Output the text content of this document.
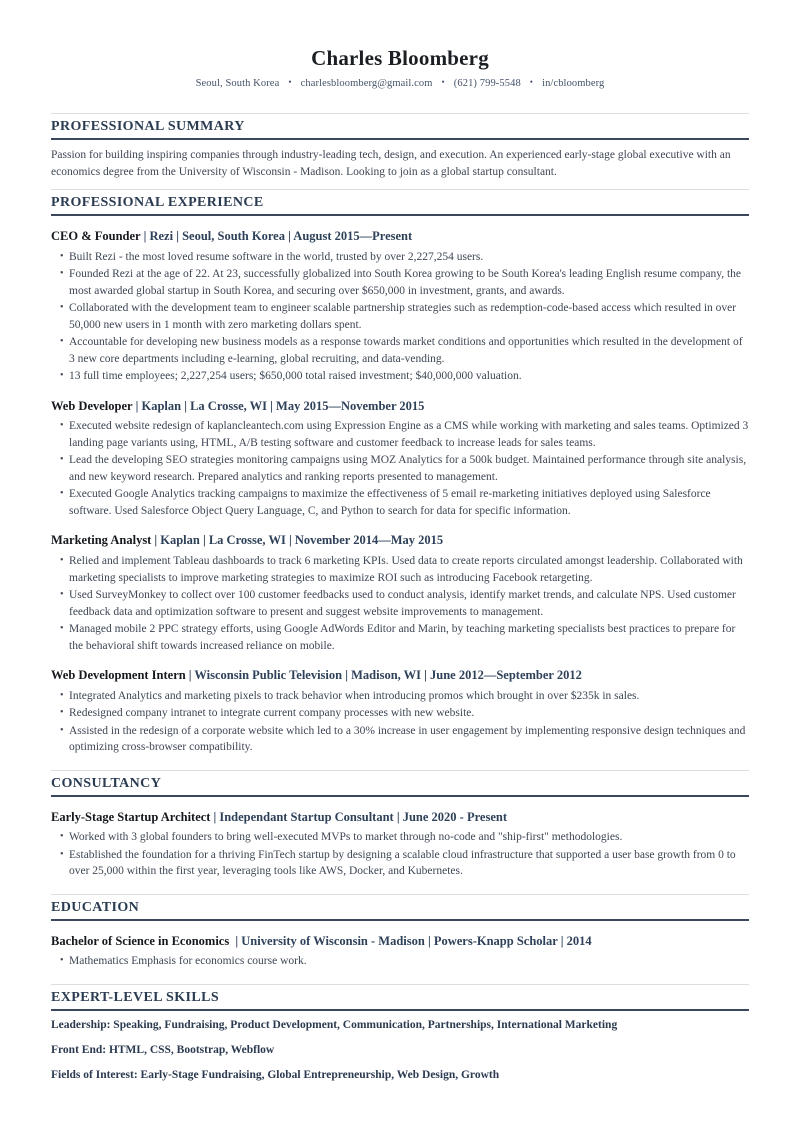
Charles Bloomberg
Seoul, South Korea • charlesbloomberg@gmail.com • (621) 799-5548 • in/cbloomberg
PROFESSIONAL SUMMARY

Passion for building inspiring companies through industry-leading tech, design, and execution. An experienced early-stage global executive with an economics degree from the University of Wisconsin - Madison. Looking to join as a global startup consultant.

PROFESSIONAL EXPERIENCE
CEO & Founder | Rezi | Seoul, South Korea | August 2015—Present
• Built Rezi - the most loved resume software in the world, trusted by over 2,227,254 users.
• Founded Rezi at the age of 22. At 23, successfully globalized into South Korea growing to be South Korea's leading English resume company, the most awarded global startup in South Korea, and securing over $650,000 in investment, grants, and awards.
• Collaborated with the development team to engineer scalable partnership strategies such as redemption-code-based access which resulted in over 50,000 new users in 1 month with zero marketing dollars spent.
• Accountable for developing new business models as a response towards market conditions and opportunities which resulted in the development of 3 new core departments including e-learning, global recruiting, and data-vending.
• 13 full time employees; 2,227,254 users; $650,000 total raised investment; $40,000,000 valuation.
Web Developer | Kaplan | La Crosse, WI | May 2015—November 2015
• Executed website redesign of kaplancleantech.com using Expression Engine as a CMS while working with marketing and sales teams. Optimized 3 landing page variants using, HTML, A/B testing software and customer feedback to increase leads for sales teams.
• Lead the developing SEO strategies monitoring campaigns using MOZ Analytics for a 500k budget. Maintained performance through site analysis, and new keyword research. Prepared analytics and ranking reports presented to management.
• Executed Google Analytics tracking campaigns to maximize the effectiveness of 5 email re-marketing initiatives deployed using Salesforce software. Used Salesforce Object Query Language, C, and Python to search for data for specific information.
Marketing Analyst | Kaplan | La Crosse, WI | November 2014—May 2015
• Relied and implement Tableau dashboards to track 6 marketing KPIs. Used data to create reports circulated amongst leadership. Collaborated with marketing specialists to improve marketing strategies to maximize ROI such as introducing Facebook retargeting.
• Used SurveyMonkey to collect over 100 customer feedbacks used to conduct analysis, identify market trends, and calculate NPS. Used customer feedback data and optimization software to present and suggest website improvements to management.
• Managed mobile 2 PPC strategy efforts, using Google AdWords Editor and Marin, by teaching marketing specialists best practices to prepare for the behavioral shift towards increased reliance on mobile.
Web Development Intern | Wisconsin Public Television | Madison, WI | June 2012—September 2012
• Integrated Analytics and marketing pixels to track behavior when introducing promos which brought in over $235k in sales.
• Redesigned company intranet to integrate current company processes with new website.
• Assisted in the redesign of a corporate website which led to a 30% increase in user engagement by implementing responsive design techniques and optimizing cross-browser compatibility.
CONSULTANCY
Early-Stage Startup Architect | Independant Startup Consultant | June 2020 - Present
• Worked with 3 global founders to bring well-executed MVPs to market through no-code and "ship-first" methodologies.
• Established the foundation for a thriving FinTech startup by designing a scalable cloud infrastructure that supported a user base growth from 0 to over 25,000 within the first year, leveraging tools like AWS, Docker, and Kubernetes.
EDUCATION
Bachelor of Science in Economics | University of Wisconsin - Madison | Powers-Knapp Scholar | 2014
• Mathematics Emphasis for economics course work.
EXPERT-LEVEL SKILLS
Leadership: Speaking, Fundraising, Product Development, Communication, Partnerships, International Marketing
Front End: HTML, CSS, Bootstrap, Webflow
Fields of Interest: Early-Stage Fundraising, Global Entrepreneurship, Web Design, Growth
